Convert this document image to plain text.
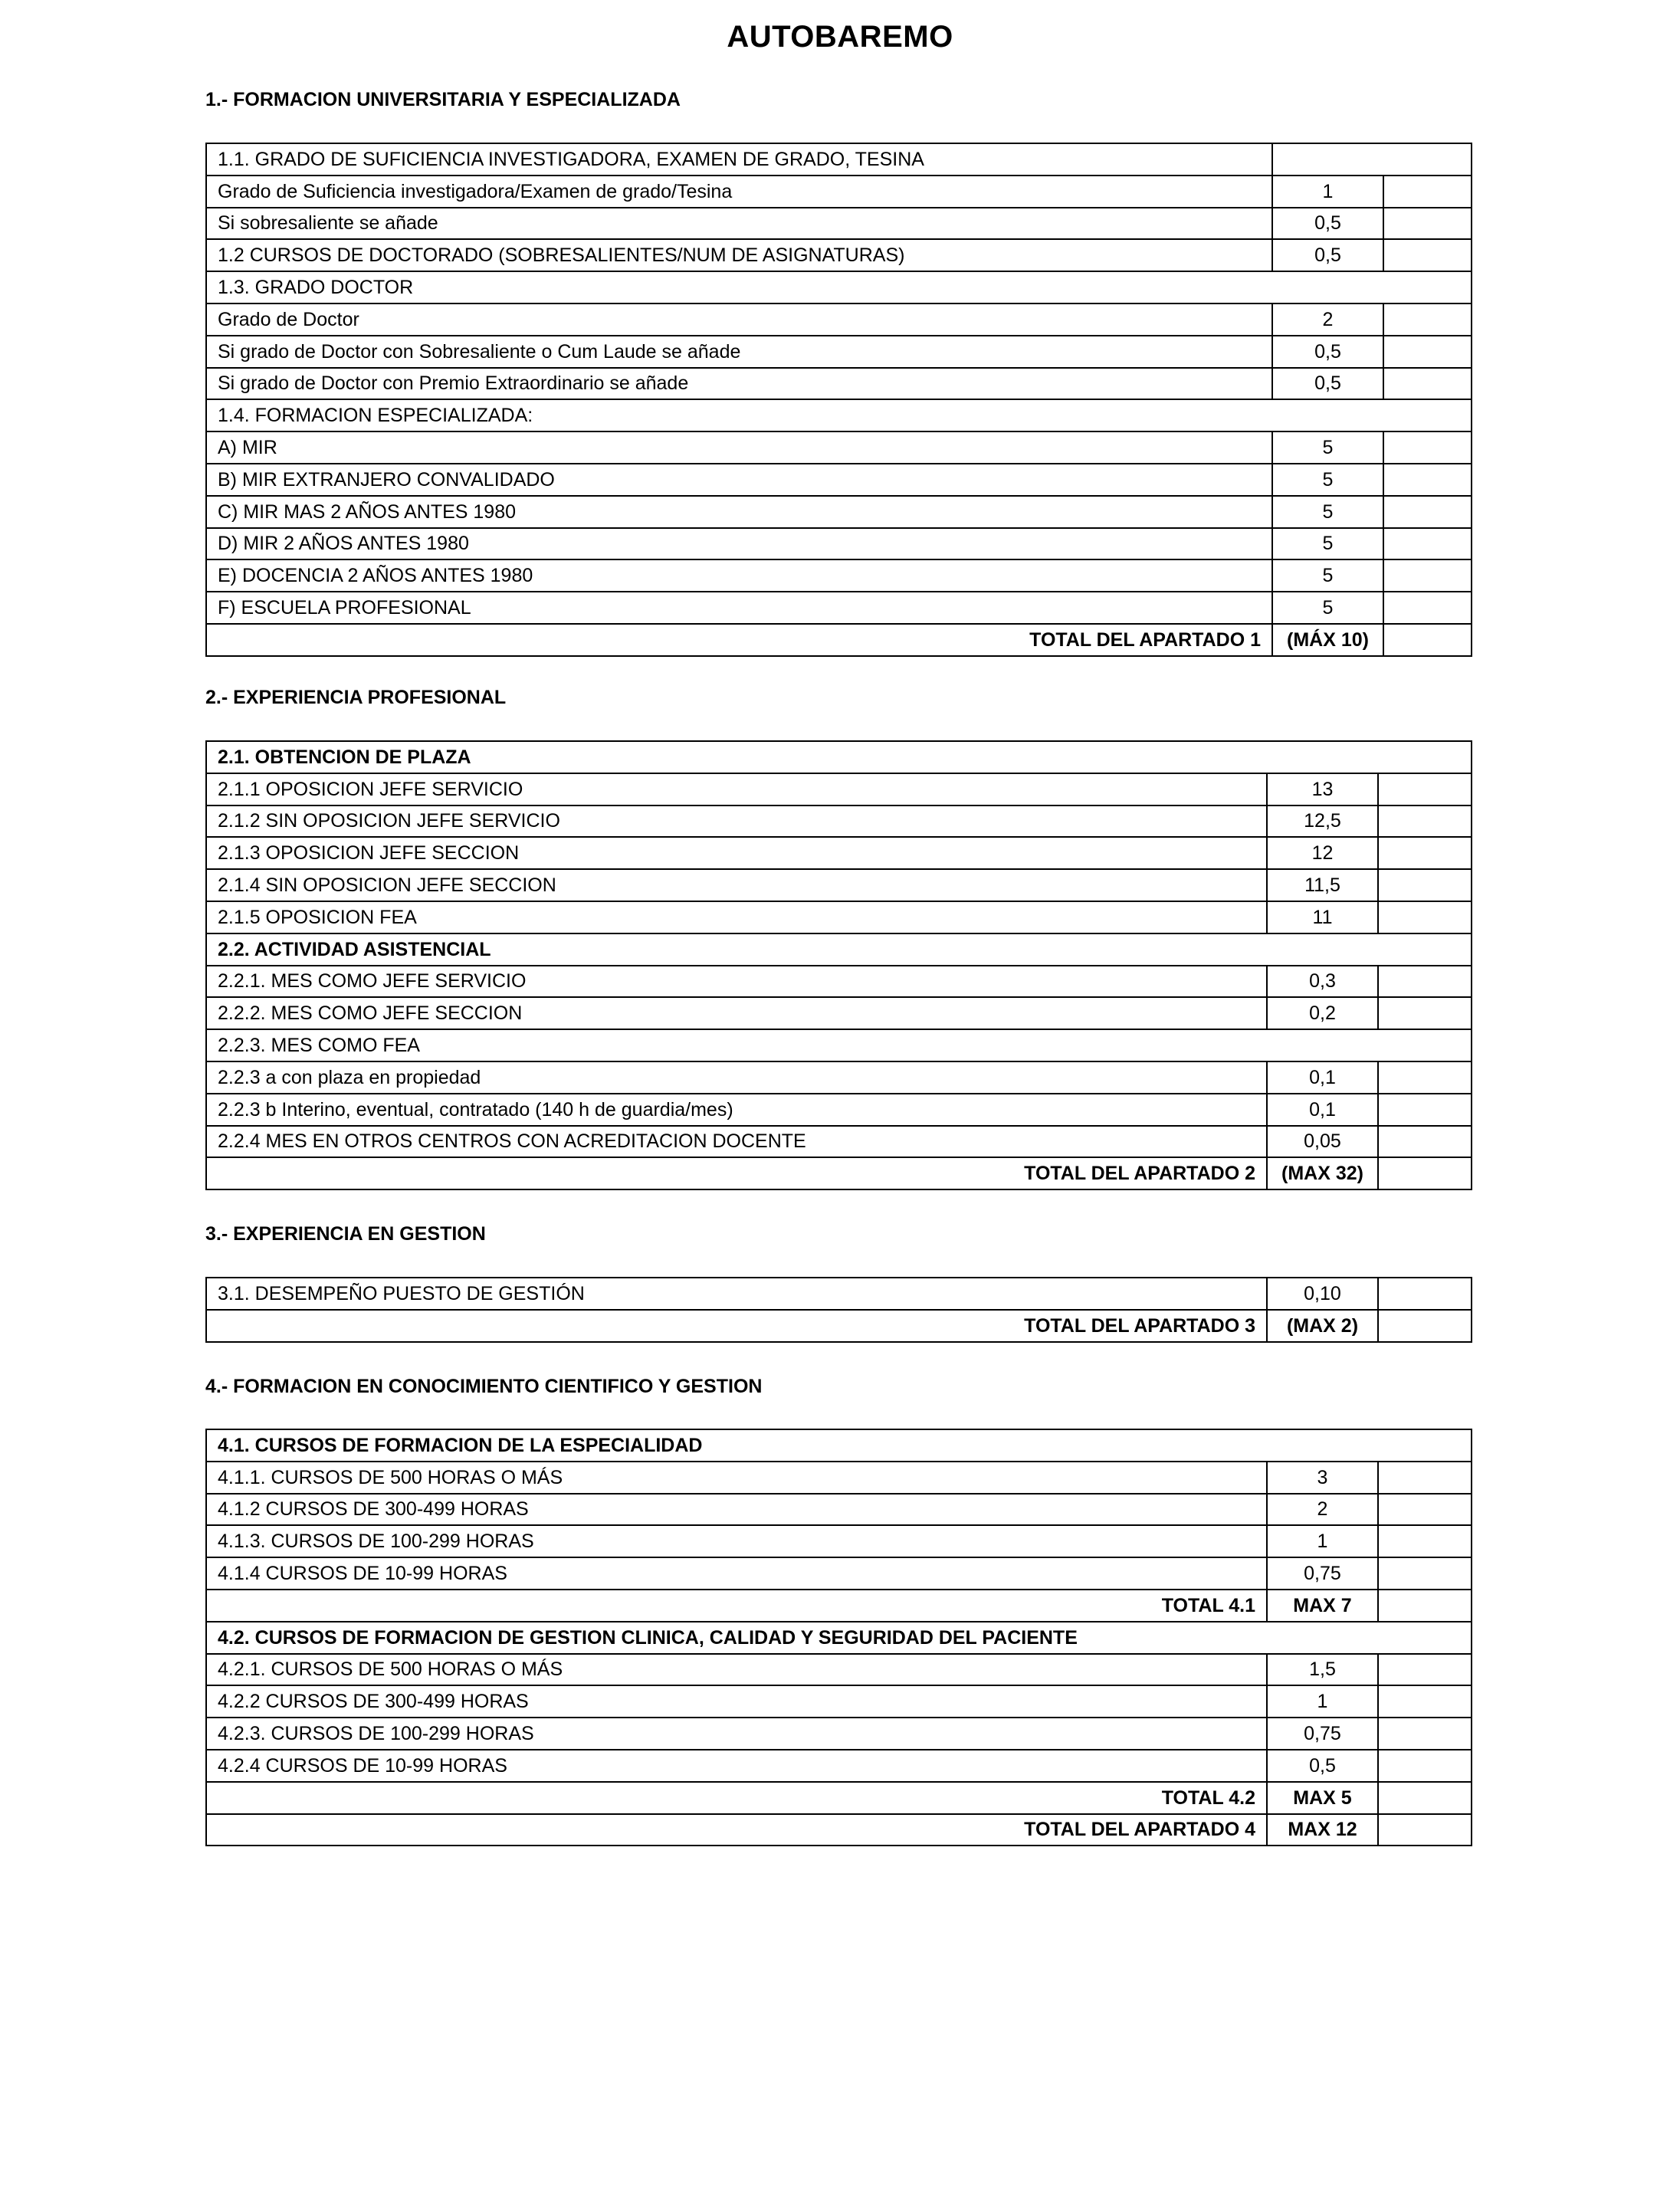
AUTOBAREMO
1.- FORMACION UNIVERSITARIA Y ESPECIALIZADA
1.1. GRADO DE SUFICIENCIA INVESTIGADORA, EXAMEN DE GRADO, TESINA		
Grado de Suficiencia investigadora/Examen de grado/Tesina	1	
Si sobresaliente se añade	0,5	
1.2 CURSOS DE DOCTORADO (SOBRESALIENTES/NUM DE ASIGNATURAS)	0,5	
1.3. GRADO DOCTOR		
Grado de Doctor	2	
Si grado de Doctor con Sobresaliente o Cum Laude se añade	0,5	
Si grado de Doctor con Premio Extraordinario se añade	0,5	
1.4. FORMACION ESPECIALIZADA:		
A) MIR	5	
B) MIR EXTRANJERO CONVALIDADO	5	
C) MIR MAS 2 AÑOS ANTES 1980	5	
D) MIR 2 AÑOS ANTES 1980	5	
E) DOCENCIA 2 AÑOS ANTES 1980	5	
F) ESCUELA PROFESIONAL	5	
TOTAL DEL APARTADO 1	(MÁX 10)	
2.- EXPERIENCIA PROFESIONAL
2.1. OBTENCION DE PLAZA		
2.1.1 OPOSICION JEFE SERVICIO	13	
2.1.2 SIN OPOSICION JEFE SERVICIO	12,5	
2.1.3 OPOSICION JEFE SECCION	12	
2.1.4 SIN OPOSICION JEFE SECCION	11,5	
2.1.5 OPOSICION FEA	11	
2.2. ACTIVIDAD ASISTENCIAL		
2.2.1. MES COMO JEFE SERVICIO	0,3	
2.2.2. MES COMO JEFE SECCION	0,2	
2.2.3. MES COMO FEA		
2.2.3 a con plaza en propiedad	0,1	
2.2.3 b Interino, eventual, contratado (140 h de guardia/mes)	0,1	
2.2.4 MES EN OTROS CENTROS CON ACREDITACION DOCENTE	0,05	
TOTAL DEL APARTADO 2	(MAX 32)	
3.- EXPERIENCIA EN GESTION
3.1. DESEMPEÑO PUESTO DE GESTIÓN	0,10	
TOTAL DEL APARTADO 3	(MAX 2)	
4.- FORMACION EN CONOCIMIENTO CIENTIFICO Y GESTION
4.1. CURSOS DE FORMACION DE LA ESPECIALIDAD		
4.1.1. CURSOS DE 500 HORAS O MÁS	3	
4.1.2 CURSOS DE 300-499 HORAS	2	
4.1.3. CURSOS DE 100-299 HORAS	1	
4.1.4 CURSOS DE 10-99 HORAS	0,75	
TOTAL 4.1	MAX 7	
4.2. CURSOS DE FORMACION DE GESTION CLINICA, CALIDAD Y SEGURIDAD DEL PACIENTE		
4.2.1. CURSOS DE 500 HORAS O MÁS	1,5	
4.2.2 CURSOS DE 300-499 HORAS	1	
4.2.3. CURSOS DE 100-299 HORAS	0,75	
4.2.4 CURSOS DE 10-99 HORAS	0,5	
TOTAL 4.2	MAX 5	
TOTAL DEL APARTADO 4	MAX 12	
